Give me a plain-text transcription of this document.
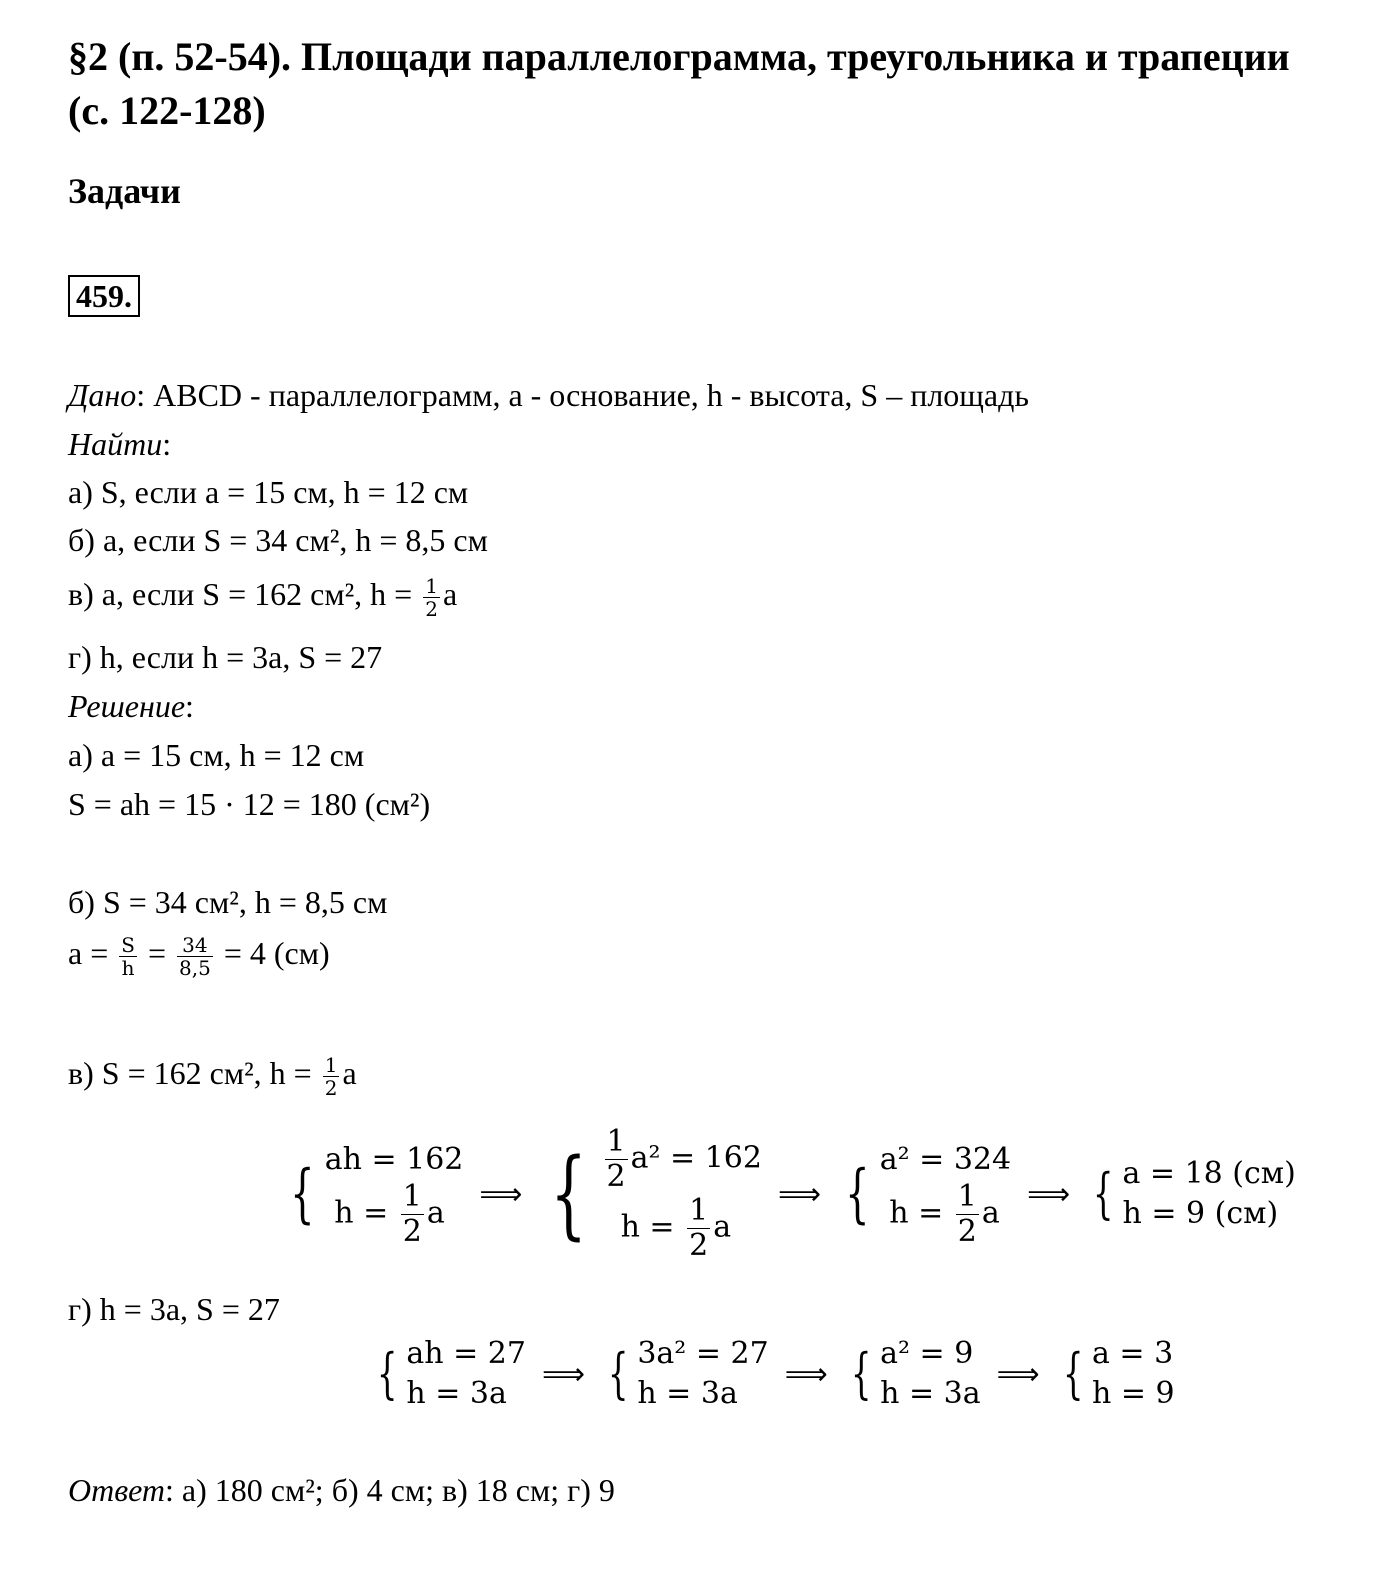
§2 (п. 52-54). Площади параллелограмма, треугольника и трапеции
(с. 122-128)
Задачи
459.
Дано: ABCD - параллелограмм, a - основание, h - высота, S – площадь
Найти:
а) S, если a = 15 см, h = 12 см
б) a, если S = 34 см², h = 8,5 см
в) a, если S = 162 см², $h = \frac{1}{2}$ a
г) h, если h = 3a, S = 27
Решение:
а) a = 15 см, h = 12 см
S = ah = 15 · 12 = 180 (см²)
б) S = 34 см², h = 8,5 см
$a = \frac{S}{h} = \frac{34}{8,5} = 4$ (см)
в) S = 162 см², $h = \frac{1}{2}$ a
{ ah = 162
$h = \frac{1}{2}$ a
⟹ { $\frac{1}{2} a^2 = 162$
$h = \frac{1}{2}$ a
⟹ { a² = 324
$h = \frac{1}{2}$ a
⟹ { a = 18 (см)
h = 9 (см)
г) h = 3a, S = 27
{ ah = 27
h = 3a
⟹ { 3a² = 27
h = 3a
⟹ { a² = 9
h = 3a
⟹ { a = 3
h = 9
Ответ: а) 180 см²; б) 4 см; в) 18 см; г) 9
